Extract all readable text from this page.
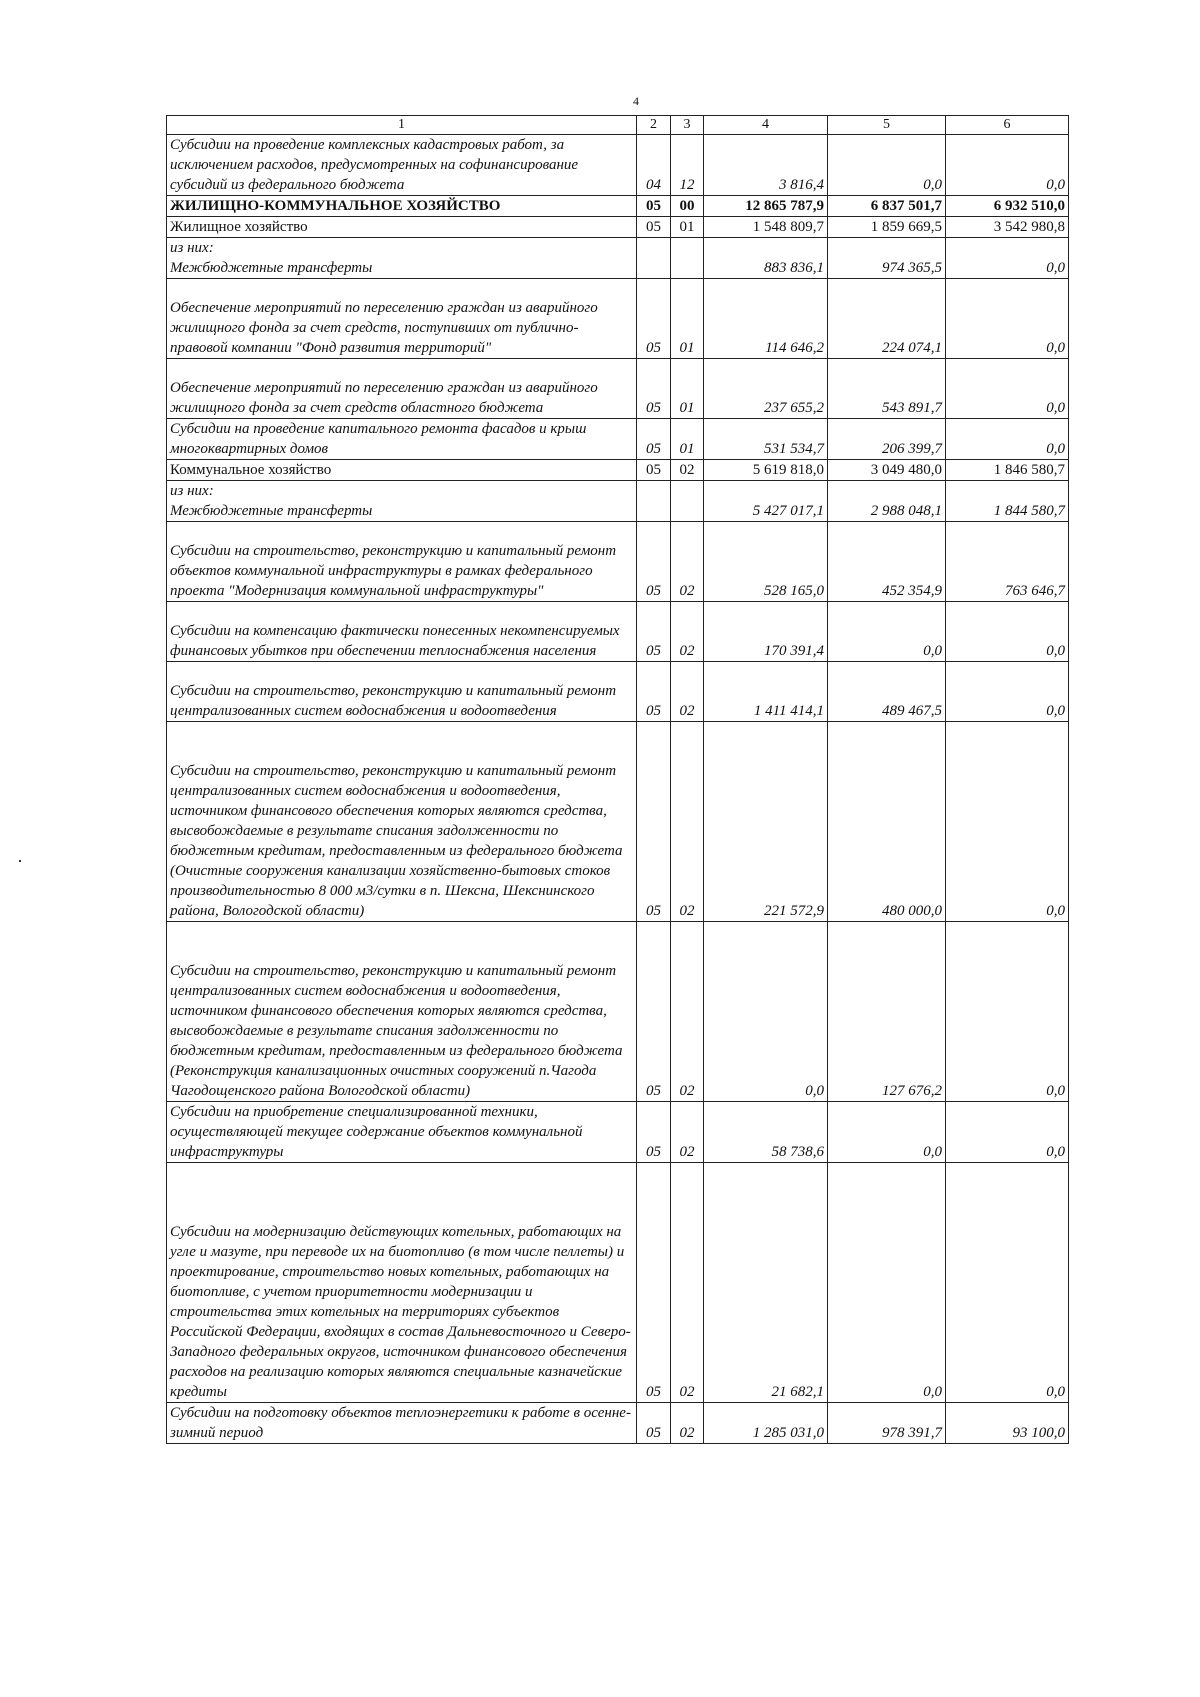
4
1	2	3	4	5	6
Субсидии на проведение комплексных кадастровых работ, за исключением расходов, предусмотренных на софинансирование субсидий из федерального бюджета	04	12	3 816,4	0,0	0,0
ЖИЛИЩНО-КОММУНАЛЬНОЕ ХОЗЯЙСТВО	05	00	12 865 787,9	6 837 501,7	6 932 510,0
Жилищное хозяйство	05	01	1 548 809,7	1 859 669,5	3 542 980,8
из них:
Межбюджетные трансферты			883 836,1	974 365,5	0,0
Обеспечение мероприятий по переселению граждан из аварийного жилищного фонда за счет средств, поступивших от публично-правовой компании "Фонд развития территорий"	05	01	114 646,2	224 074,1	0,0
Обеспечение мероприятий по переселению граждан из аварийного жилищного фонда за счет средств областного бюджета	05	01	237 655,2	543 891,7	0,0
Субсидии на проведение капитального ремонта фасадов и крыш многоквартирных домов	05	01	531 534,7	206 399,7	0,0
Коммунальное хозяйство	05	02	5 619 818,0	3 049 480,0	1 846 580,7
из них:
Межбюджетные трансферты			5 427 017,1	2 988 048,1	1 844 580,7
Субсидии на строительство, реконструкцию и капитальный ремонт объектов коммунальной инфраструктуры в рамках федерального проекта "Модернизация коммунальной инфраструктуры"	05	02	528 165,0	452 354,9	763 646,7
Субсидии на компенсацию фактически понесенных некомпенсируемых финансовых убытков при обеспечении теплоснабжения населения	05	02	170 391,4	0,0	0,0
Субсидии на строительство, реконструкцию и капитальный ремонт централизованных систем водоснабжения и водоотведения	05	02	1 411 414,1	489 467,5	0,0
Субсидии на строительство, реконструкцию и капитальный ремонт централизованных систем водоснабжения и водоотведения, источником финансового обеспечения которых являются средства, высвобождаемые в результате списания задолженности по бюджетным кредитам, предоставленным из федерального бюджета (Очистные сооружения канализации хозяйственно-бытовых стоков производительностью 8 000 м3/сутки в п. Шексна, Шекснинского района, Вологодской области)	05	02	221 572,9	480 000,0	0,0
Субсидии на строительство, реконструкцию и капитальный ремонт централизованных систем водоснабжения и водоотведения, источником финансового обеспечения которых являются средства, высвобождаемые в результате списания задолженности по бюджетным кредитам, предоставленным из федерального бюджета (Реконструкция канализационных очистных сооружений п.Чагода Чагодощенского района Вологодской области)	05	02	0,0	127 676,2	0,0
Субсидии на приобретение специализированной техники, осуществляющей текущее содержание объектов коммунальной инфраструктуры	05	02	58 738,6	0,0	0,0
Субсидии на модернизацию действующих котельных, работающих на угле и мазуте, при переводе их на биотопливо (в том числе пеллеты) и проектирование, строительство новых котельных, работающих на биотопливе, с учетом приоритетности модернизации и строительства этих котельных на территориях субъектов Российской Федерации, входящих в состав Дальневосточного и Северо-Западного федеральных округов, источником финансового обеспечения расходов на реализацию которых являются специальные казначейские кредиты	05	02	21 682,1	0,0	0,0
Субсидии на подготовку объектов теплоэнергетики к работе в осенне-зимний период	05	02	1 285 031,0	978 391,7	93 100,0
